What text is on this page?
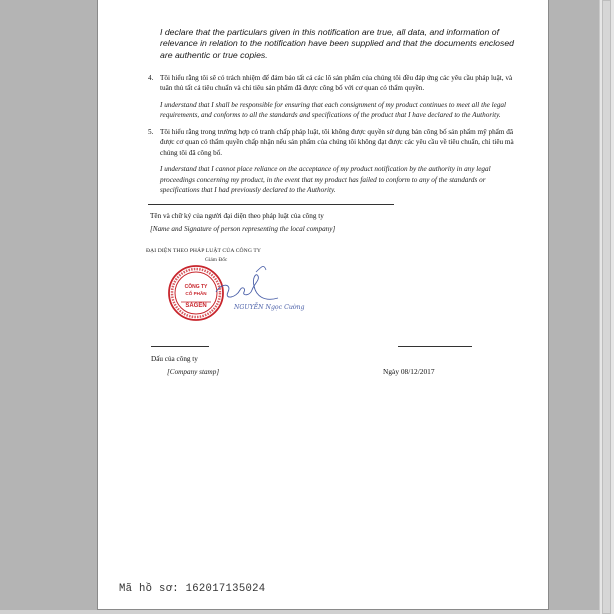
I declare that the particulars given in this notification are true, all data, and information of relevance in relation to the notification have been supplied and that the documents enclosed are authentic or true copies.
4. Tôi hiểu rằng tôi sẽ có trách nhiệm để đảm bảo tất cả các lô sản phẩm của chúng tôi đều đáp ứng các yêu cầu pháp luật, và tuân thủ tất cả tiêu chuẩn và chỉ tiêu sản phẩm đã được công bố với cơ quan có thẩm quyền.
I understand that I shall be responsible for ensuring that each consignment of my product continues to meet all the legal requirements, and conforms to all the standards and specifications of the product that I have declared to the Authority.
5. Tôi hiểu rằng trong trường hợp có tranh chấp pháp luật, tôi không được quyền sử dụng bản công bố sản phẩm mỹ phẩm đã được cơ quan có thẩm quyền chấp nhận nếu sản phẩm của chúng tôi không đạt được các yêu cầu về tiêu chuẩn, chỉ tiêu mà chúng tôi đã công bố.
I understand that I cannot place reliance on the acceptance of my product notification by the authority in any legal proceedings concerning my product, in the event that my product has failed to conform to any of the standards or specifications that I had previously declared to the Authority.
Tên và chữ ký của người đại diện theo pháp luật của công ty
[Name and Signature of person representing the local company]
ĐẠI DIỆN THEO PHÁP LUẬT CỦA CÔNG TY
Giám Đốc
CÔNG TY
CỔ PHẦN
SAGEN	NGUYỄN Ngọc Cường
Dấu của công ty
[Company stamp]	Ngày 08/12/2017
Mã hồ sơ: 162017135024
